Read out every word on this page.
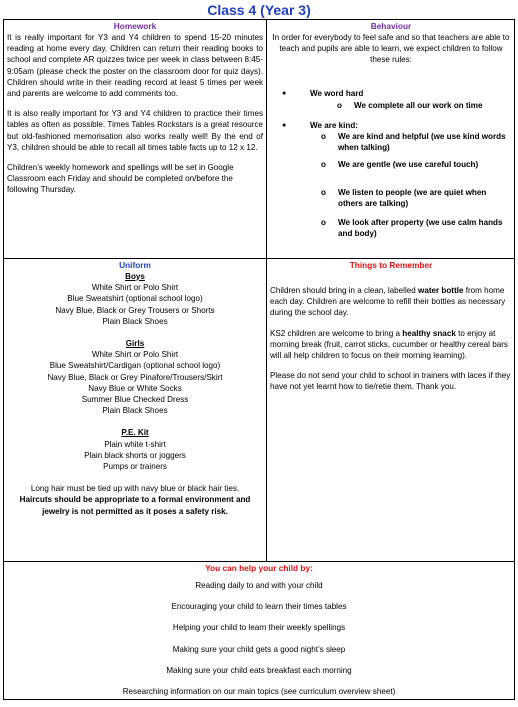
Class 4 (Year 3)
Homework

It is really important for Y3 and Y4 children to spend 15-20 minutes reading at home every day. Children can return their reading books to school and complete AR quizzes twice per week in class between 8:45-9:05am (please check the poster on the classroom door for quiz days). Children should write in their reading record at least 5 times per week and parents are welcome to add comments too.

It is also really important for Y3 and Y4 children to practice their times tables as often as possible. Times Tables Rockstars is a great resource but old-fashioned memorisation also works really well! By the end of Y3, children should be able to recall all times table facts up to 12 x 12.

Children’s weekly homework and spellings will be set in Google Classroom each Friday and should be completed on/before the following Thursday.

Behaviour
In order for everybody to feel safe and so that teachers are able to teach and pupils are able to learn, we expect children to follow these rules:
●	We word hard
o We complete all our work on time
●	We are kind:
o We are kind and helpful (we use kind words when talking)
o We are gentle (we use careful touch)
o We listen to people (we are quiet when others are talking)
o We look after property (we use calm hands and body)
Uniform
Boys
White Shirt or Polo Shirt
Blue Sweatshirt (optional school logo)
Navy Blue, Black or Grey Trousers or Shorts
Plain Black Shoes
Girls
White Shirt or Polo Shirt
Blue Sweatshirt/Cardigan (optional school logo)
Navy Blue, Black or Grey Pinafore/Trousers/Skirt
Navy Blue or White Socks
Summer Blue Checked Dress
Plain Black Shoes
P.E. Kit
Plain white t-shirt
Plain black shorts or joggers
Pumps or trainers
Long hair must be tied up with navy blue or black hair ties.
Haircuts should be appropriate to a formal environment and jewelry is not permitted as it poses a safety risk.
Things to Remember

Children should bring in a clean, labelled water bottle from home each day. Children are welcome to refill their bottles as necessary during the school day.

KS2 children are welcome to bring a healthy snack to enjoy at morning break (fruit, carrot sticks, cucumber or healthy cereal bars will all help children to focus on their morning learning).

Please do not send your child to school in trainers with laces if they have not yet learnt how to tie/retie them. Thank you.

You can help your child by:
Reading daily to and with your child
Encouraging your child to learn their times tables
Helping your child to learn their weekly spellings
Making sure your child gets a good night’s sleep
Making sure your child eats breakfast each morning
Researching information on our main topics (see curriculum overview sheet)
